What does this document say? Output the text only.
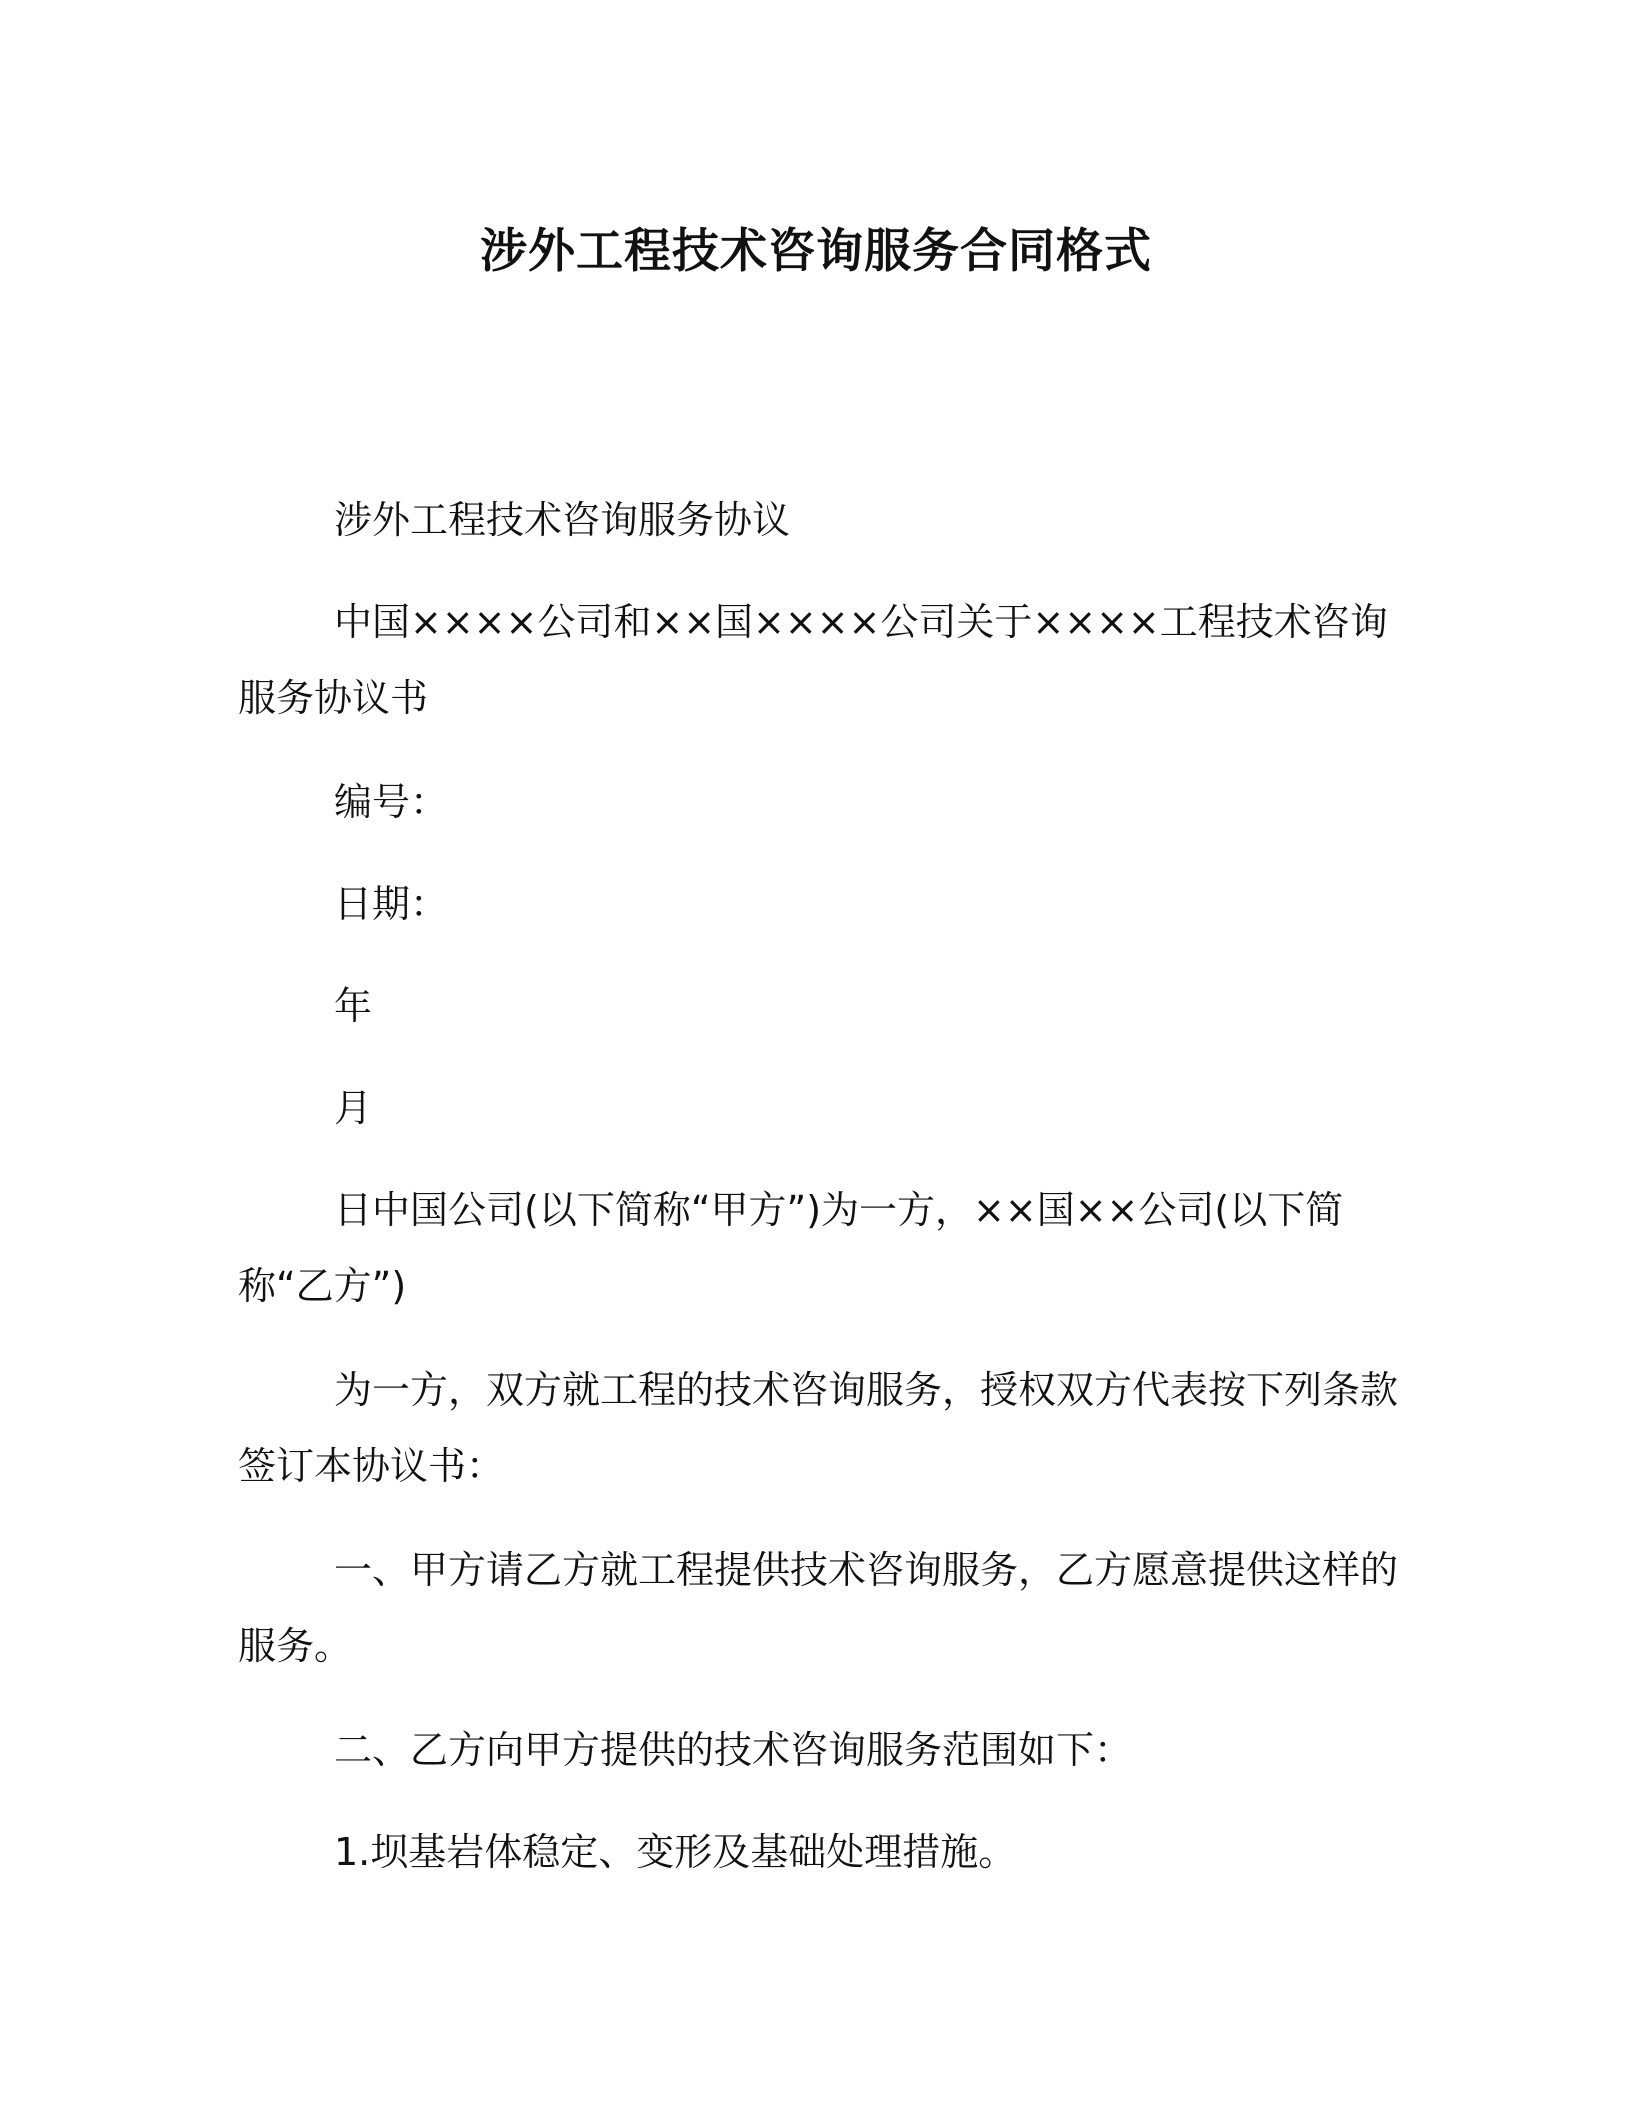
涉外工程技术咨询服务合同格式

涉外工程技术咨询服务协议

中国××××公司和××国××××公司关于××××工程技术咨询服务协议书

编号：

日期：

年

月

日中国公司(以下简称“甲方”)为一方，××国××公司(以下简称“乙方”)

为一方，双方就工程的技术咨询服务，授权双方代表按下列条款签订本协议书：

一、甲方请乙方就工程提供技术咨询服务，乙方愿意提供这样的服务。

二、乙方向甲方提供的技术咨询服务范围如下：

1.坝基岩体稳定、变形及基础处理措施。
